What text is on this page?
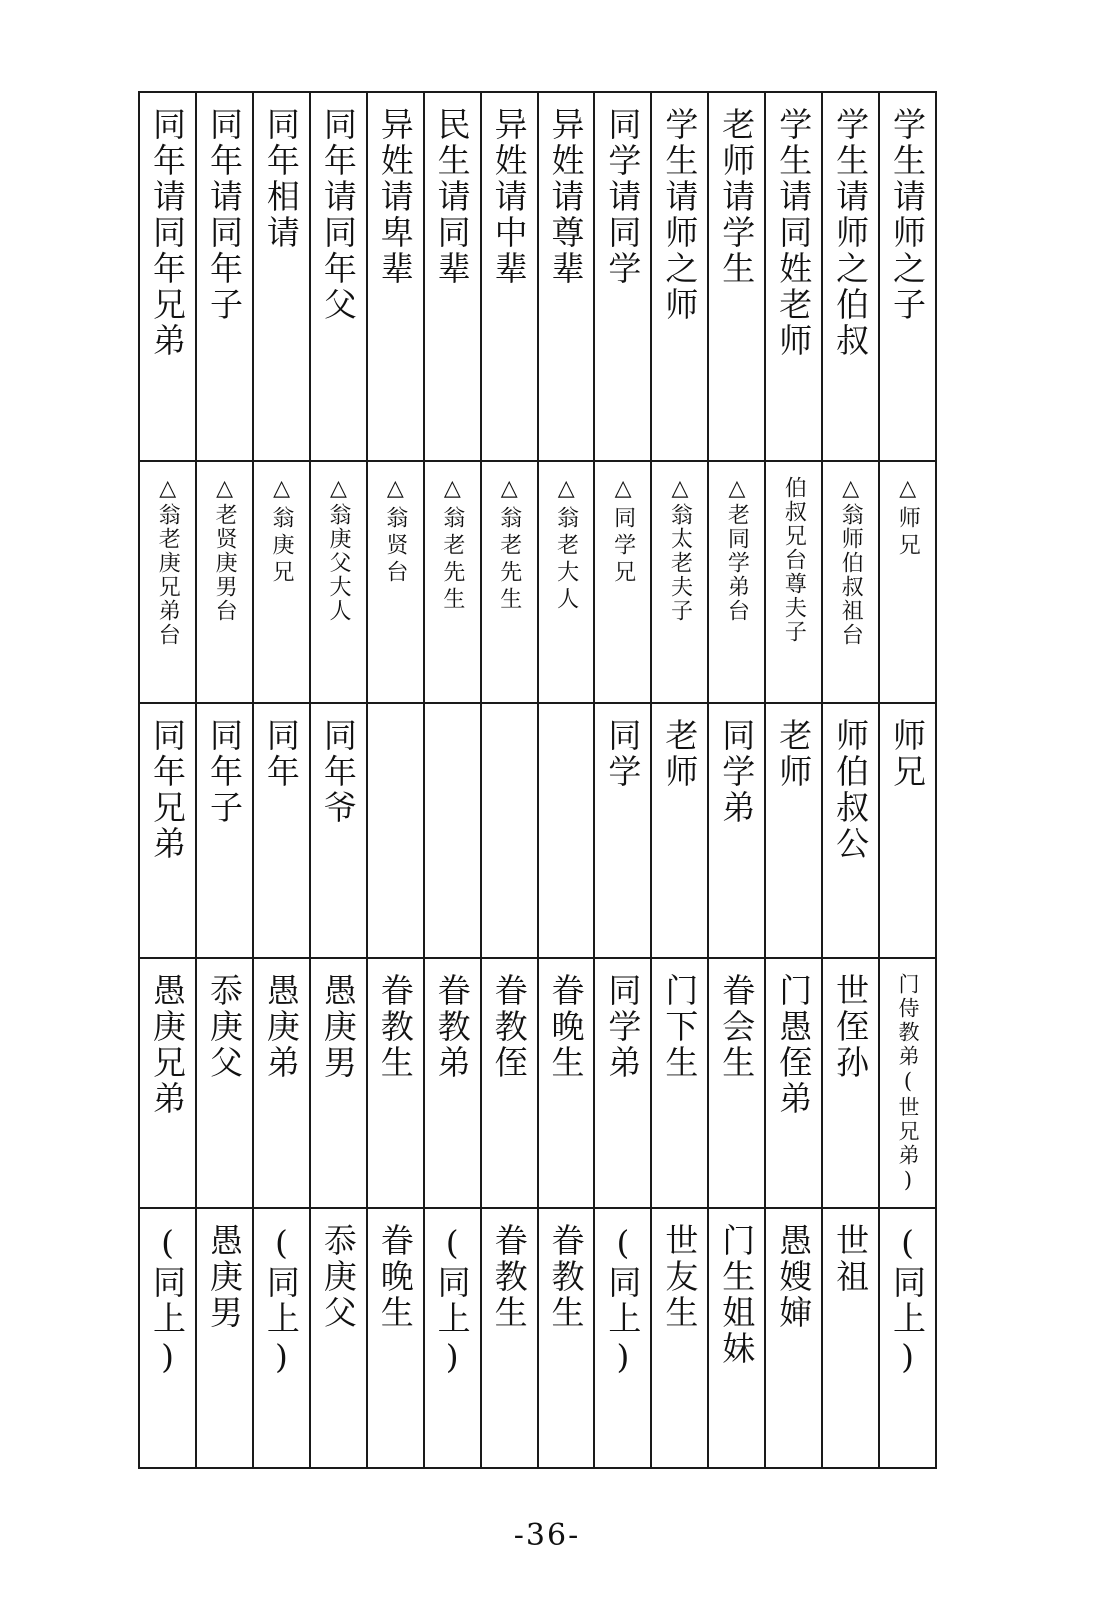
学生请师之子
△师兄
师兄
门侍教弟(世兄弟)
(同上)
学生请师之伯叔
△翁师伯叔祖台
师伯叔公
世侄孙
世祖
学生请同姓老师
伯叔兄台尊夫子
老师
门愚侄弟
愚嫂婶
老师请学生
△老同学弟台
同学弟
眷会生
门生姐妹
学生请师之师
△翁太老夫子
老师
门下生
世友生
同学请同学
△同学兄
同学
同学弟
(同上)
异姓请尊辈
△翁老大人
眷晚生
眷教生
异姓请中辈
△翁老先生
眷教侄
眷教生
民生请同辈
△翁老先生
眷教弟
(同上)
异姓请卑辈
△翁贤台
眷教生
眷晚生
同年请同年父
△翁庚父大人
同年爷
愚庚男
忝庚父
同年相请
△翁庚兄
同年
愚庚弟
(同上)
同年请同年子
△老贤庚男台
同年子
忝庚父
愚庚男
同年请同年兄弟
△翁老庚兄弟台
同年兄弟
愚庚兄弟
(同上)
-36-
